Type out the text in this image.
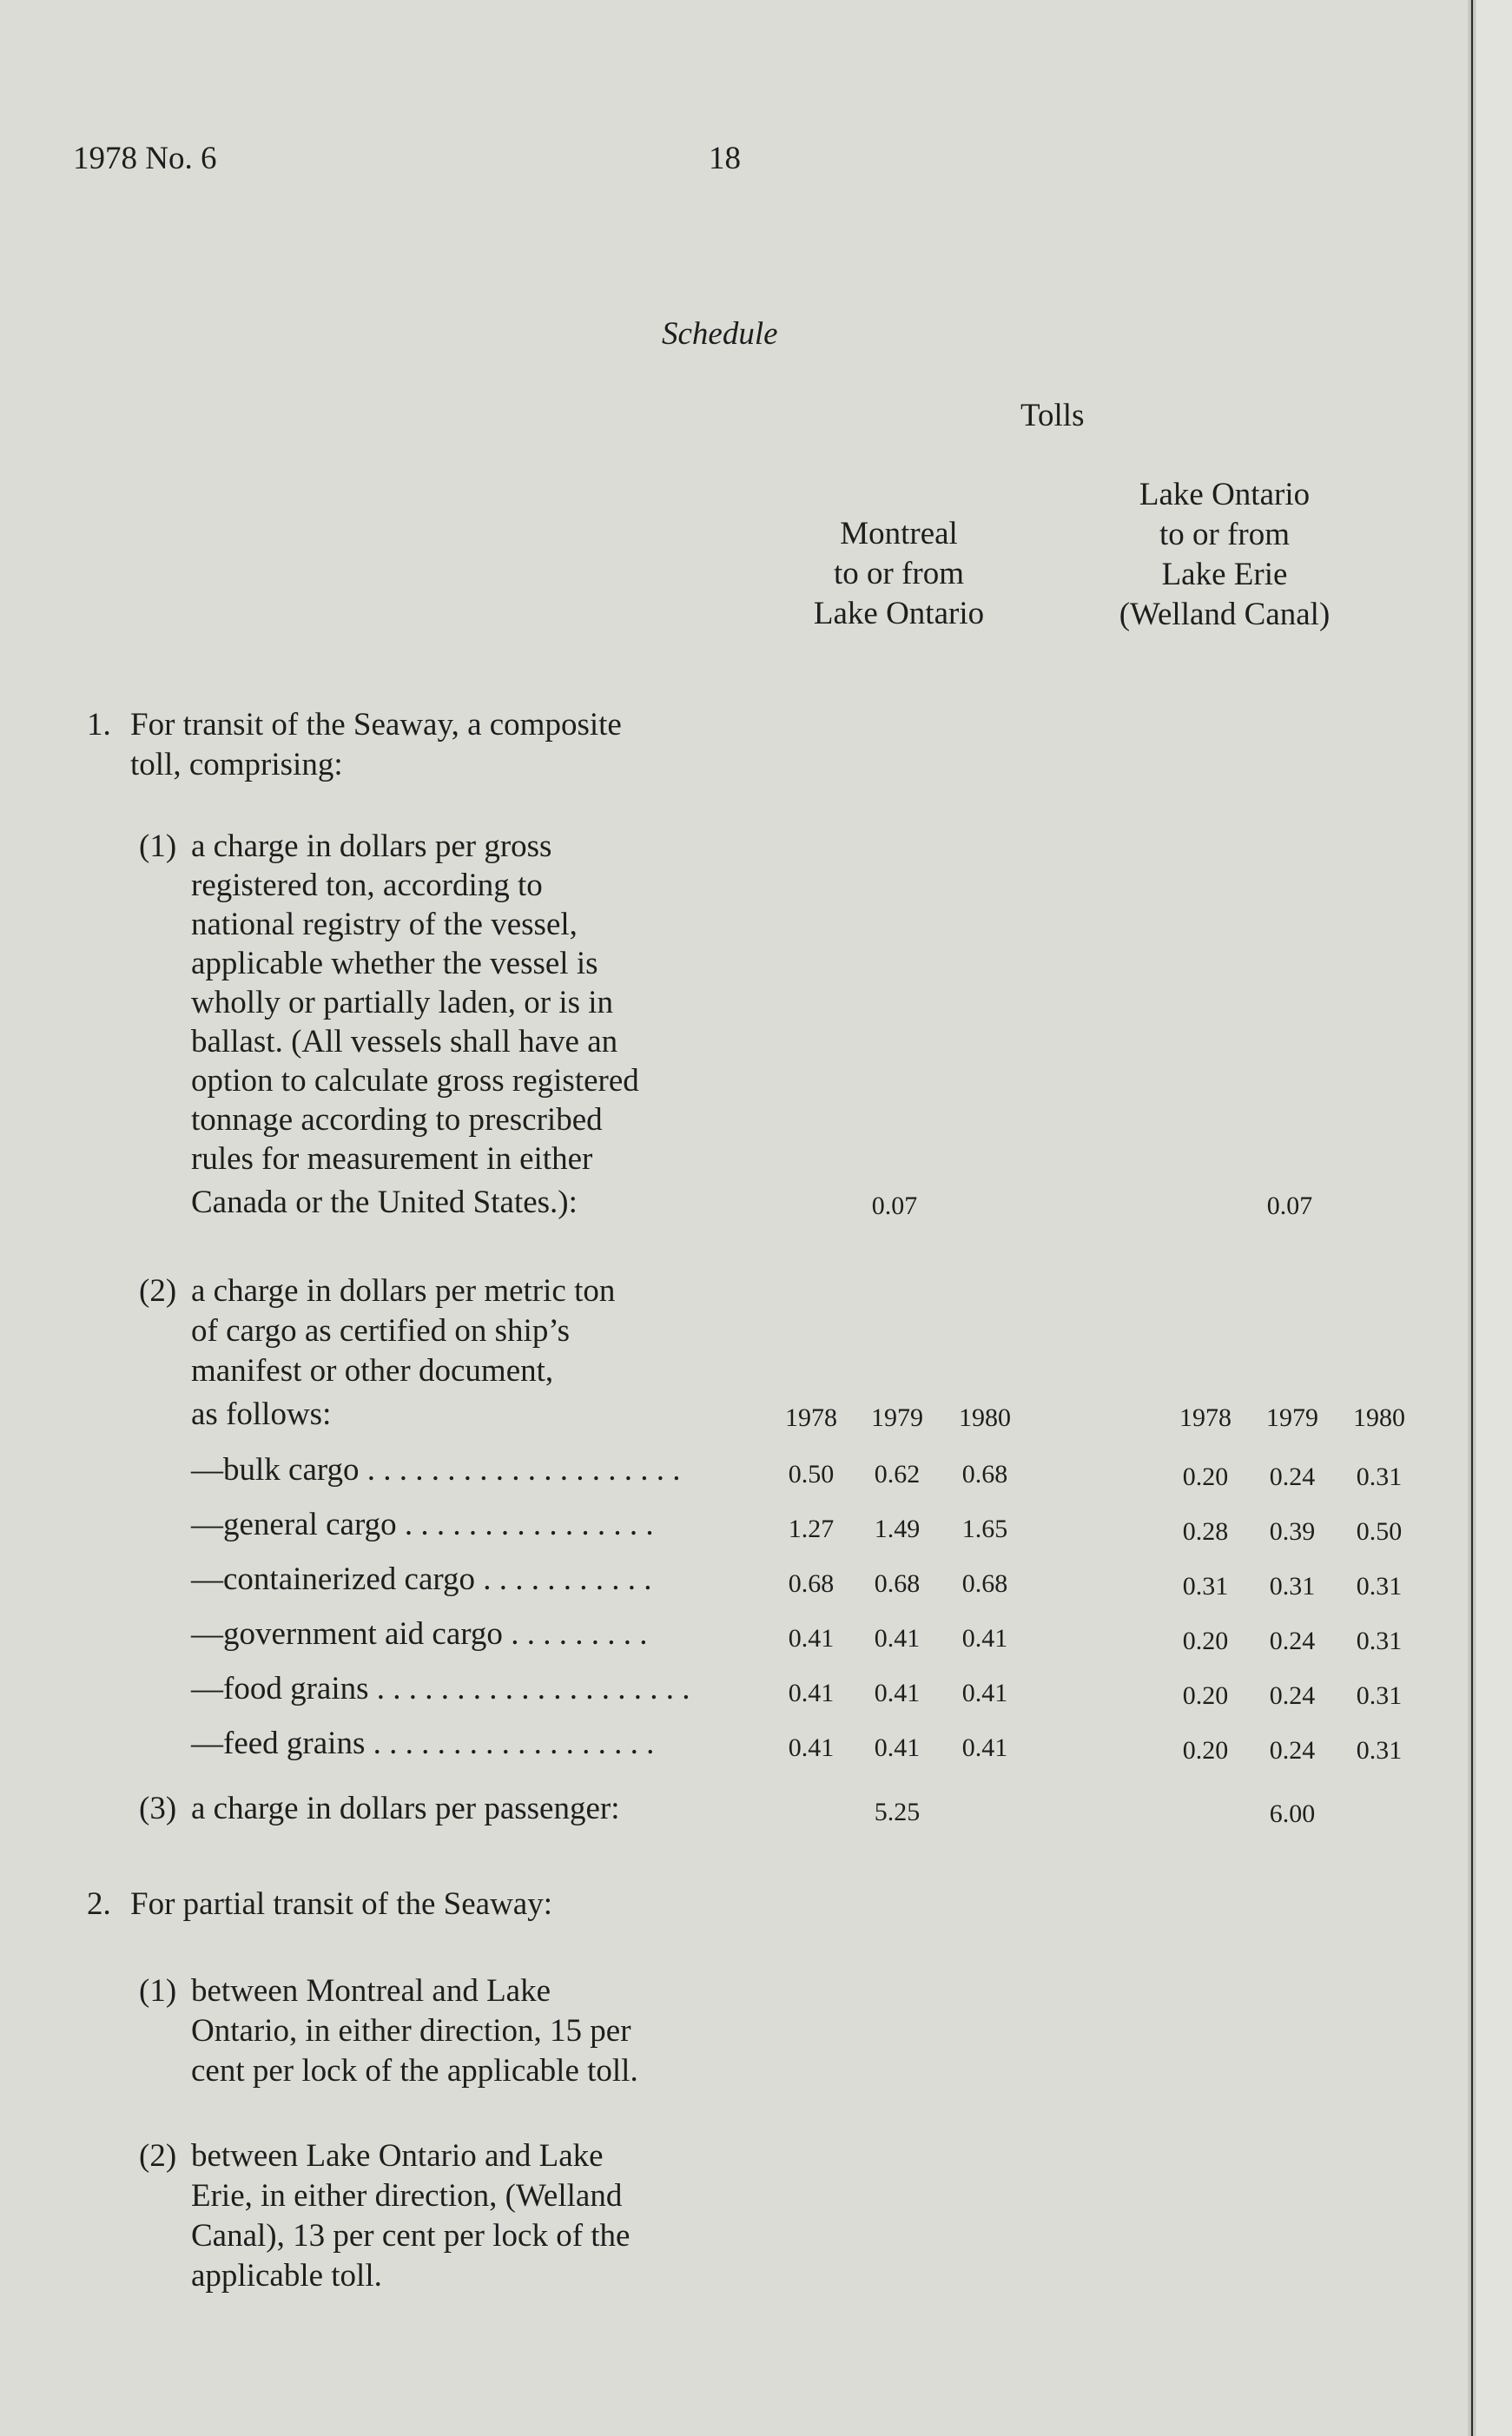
1978 No. 6	18
Schedule
Tolls
Montreal
to or from
Lake Ontario
Lake Ontario
to or from
Lake Erie
(Welland Canal)
1. For transit of the Seaway, a composite
toll, comprising:
(1) a charge in dollars per gross
registered ton, according to
national registry of the vessel,
applicable whether the vessel is
wholly or partially laden, or is in
ballast. (All vessels shall have an
option to calculate gross registered
tonnage according to prescribed
rules for measurement in either
Canada or the United States.):	0.07	0.07
(2) a charge in dollars per metric ton
of cargo as certified on ship’s
manifest or other document,
as follows:	1978	1979	1980	1978	1979	1980
—bulk cargo . . . . . . . . . . . . . . . . . . . .	0.50	0.62	0.68	0.20	0.24	0.31
—general cargo . . . . . . . . . . . . . . . .	1.27	1.49	1.65	0.28	0.39	0.50
—containerized cargo . . . . . . . . . . .	0.68	0.68	0.68	0.31	0.31	0.31
—government aid cargo . . . . . . . . .	0.41	0.41	0.41	0.20	0.24	0.31
—food grains . . . . . . . . . . . . . . . . . . . .	0.41	0.41	0.41	0.20	0.24	0.31
—feed grains . . . . . . . . . . . . . . . . . .	0.41	0.41	0.41	0.20	0.24	0.31
(3) a charge in dollars per passenger:	5.25	6.00
2. For partial transit of the Seaway:
(1) between Montreal and Lake
Ontario, in either direction, 15 per
cent per lock of the applicable toll.
(2) between Lake Ontario and Lake
Erie, in either direction, (Welland
Canal), 13 per cent per lock of the
applicable toll.
